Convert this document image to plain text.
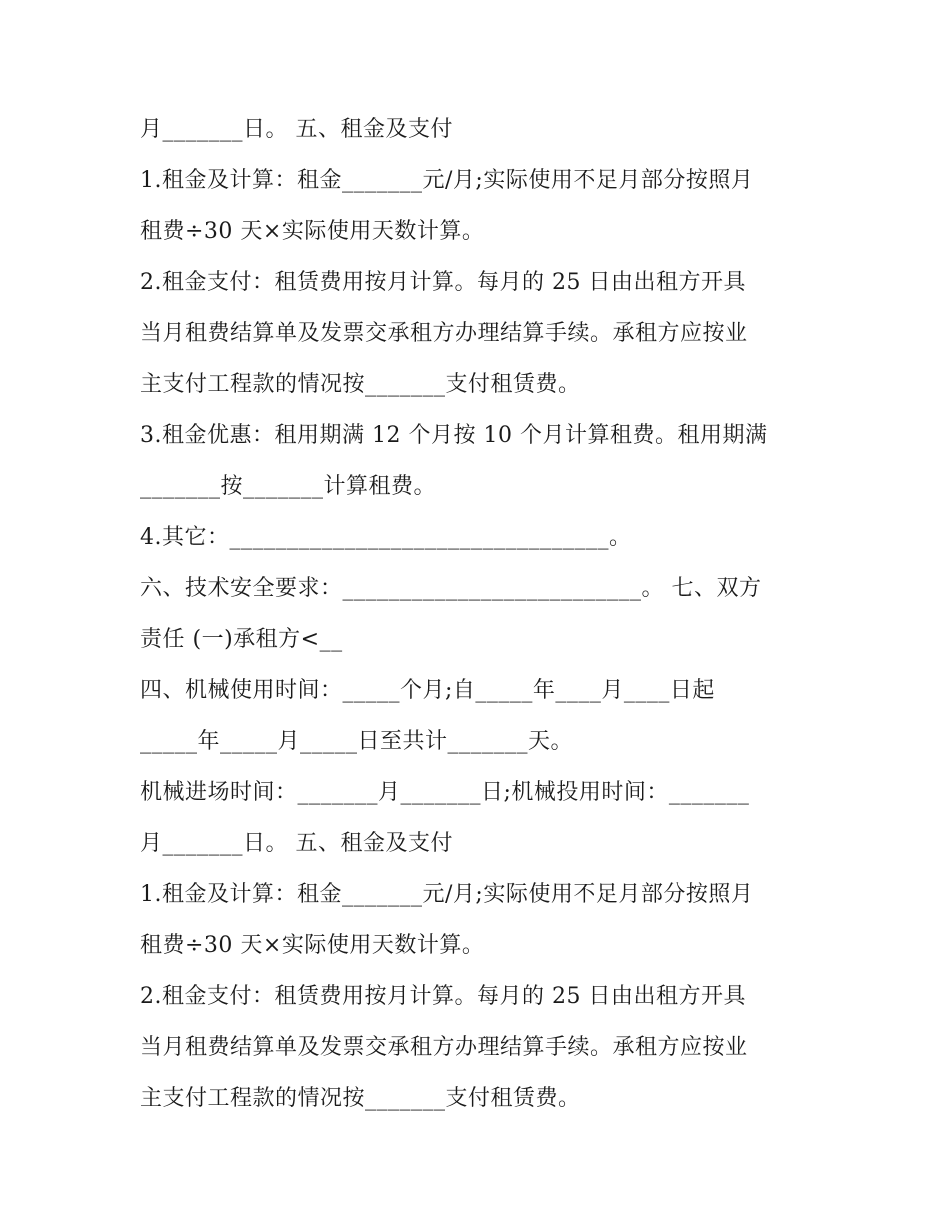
月_______日。 五、租金及支付
1.租金及计算：租金_______元/月;实际使用不足月部分按照月
租费÷30 天×实际使用天数计算。
2.租金支付：租赁费用按月计算。每月的 25 日由出租方开具
当月租费结算单及发票交承租方办理结算手续。承租方应按业
主支付工程款的情况按_______支付租赁费。
3.租金优惠：租用期满 12 个月按 10 个月计算租费。租用期满
_______按_______计算租费。
4.其它：_________________________________。
六、技术安全要求：__________________________。 七、双方
责任 (一)承租方<__
四、机械使用时间：_____个月;自_____年____月____日起
_____年_____月_____日至共计_______天。
机械进场时间：_______月_______日;机械投用时间：_______
月_______日。 五、租金及支付
1.租金及计算：租金_______元/月;实际使用不足月部分按照月
租费÷30 天×实际使用天数计算。
2.租金支付：租赁费用按月计算。每月的 25 日由出租方开具
当月租费结算单及发票交承租方办理结算手续。承租方应按业
主支付工程款的情况按_______支付租赁费。
